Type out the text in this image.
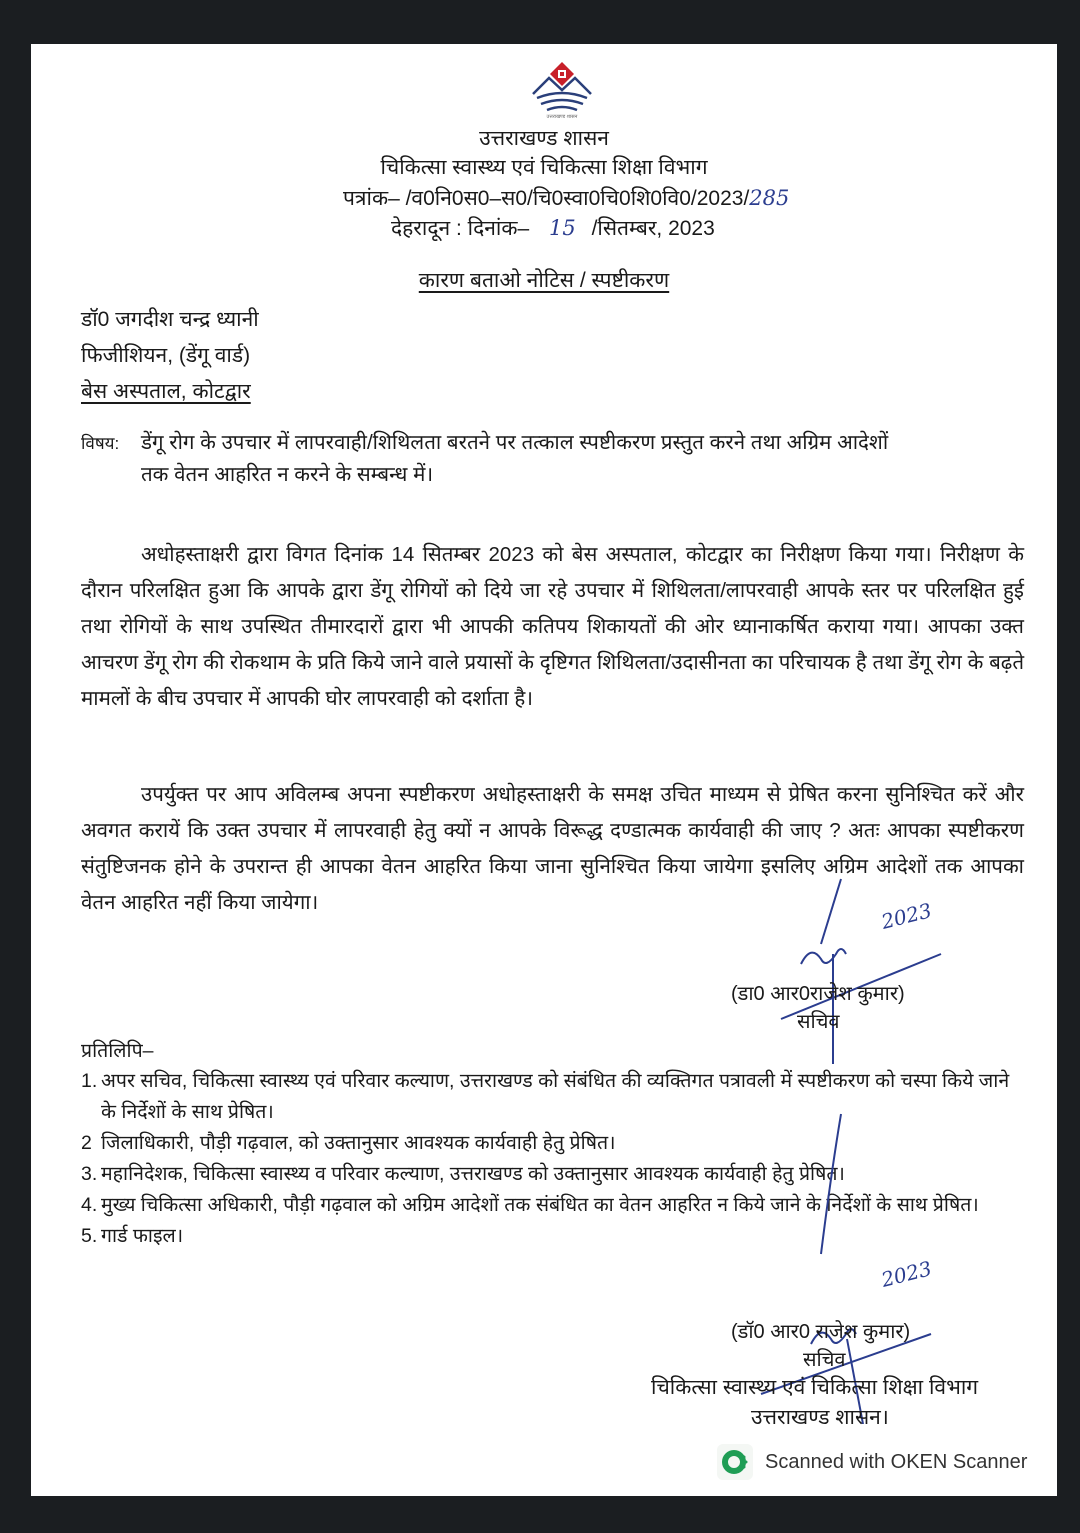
उत्तराखण्ड शासन
उत्तराखण्ड शासन
चिकित्सा स्वास्थ्य एवं चिकित्सा शिक्षा विभाग
पत्रांक– /व0नि0स0–स0/चि0स्वा0चि0शि0वि0/2023/285
देहरादून : दिनांक– 15 /सितम्बर, 2023
कारण बताओ नोटिस / स्पष्टीकरण
डॉ0 जगदीश चन्द्र ध्यानी
फिजीशियन, (डेंगू वार्ड)
बेस अस्पताल, कोटद्वार
विषय: डेंगू रोग के उपचार में लापरवाही/शिथिलता बरतने पर तत्काल स्पष्टीकरण प्रस्तुत करने तथा अग्रिम आदेशों
तक वेतन आहरित न करने के सम्बन्ध में।
अधोहस्ताक्षरी द्वारा विगत दिनांक 14 सितम्बर 2023 को बेस अस्पताल, कोटद्वार का निरीक्षण किया गया। निरीक्षण के दौरान परिलक्षित हुआ कि आपके द्वारा डेंगू रोगियों को दिये जा रहे उपचार में शिथिलता/लापरवाही आपके स्तर पर परिलक्षित हुई तथा रोगियों के साथ उपस्थित तीमारदारों द्वारा भी आपकी कतिपय शिकायतों की ओर ध्यानाकर्षित कराया गया। आपका उक्त आचरण डेंगू रोग की रोकथाम के प्रति किये जाने वाले प्रयासों के दृष्टिगत शिथिलता/उदासीनता का परिचायक है तथा डेंगू रोग के बढ़ते मामलों के बीच उपचार में आपकी घोर लापरवाही को दर्शाता है।
उपर्युक्त पर आप अविलम्ब अपना स्पष्टीकरण अधोहस्ताक्षरी के समक्ष उचित माध्यम से प्रेषित करना सुनिश्चित करें और अवगत करायें कि उक्त उपचार में लापरवाही हेतु क्यों न आपके विरूद्ध दण्डात्मक कार्यवाही की जाए ? अतः आपका स्पष्टीकरण संतुष्टिजनक होने के उपरान्त ही आपका वेतन आहरित किया जाना सुनिश्चित किया जायेगा इसलिए अग्रिम आदेशों तक आपका वेतन आहरित नहीं किया जायेगा।	2023
(डा0 आर0राजेश कुमार)
सचिव
प्रतिलिपि–
1. अपर सचिव, चिकित्सा स्वास्थ्य एवं परिवार कल्याण, उत्तराखण्ड को संबंधित की व्यक्तिगत पत्रावली में स्पष्टीकरण को चस्पा किये जाने के निर्देशों के साथ प्रेषित।
2 जिलाधिकारी, पौड़ी गढ़वाल, को उक्तानुसार आवश्यक कार्यवाही हेतु प्रेषित।
3. महानिदेशक, चिकित्सा स्वास्थ्य व परिवार कल्याण, उत्तराखण्ड को उक्तानुसार आवश्यक कार्यवाही हेतु प्रेषित।
4. मुख्य चिकित्सा अधिकारी, पौड़ी गढ़वाल को अग्रिम आदेशों तक संबंधित का वेतन आहरित न किये जाने के निर्देशों के साथ प्रेषित।
5. गार्ड फाइल।
2023
(डॉ0 आर0 राजेश कुमार)
सचिव
चिकित्सा स्वास्थ्य एवं चिकित्सा शिक्षा विभाग
उत्तराखण्ड शासन।
Scanned with OKEN Scanner
